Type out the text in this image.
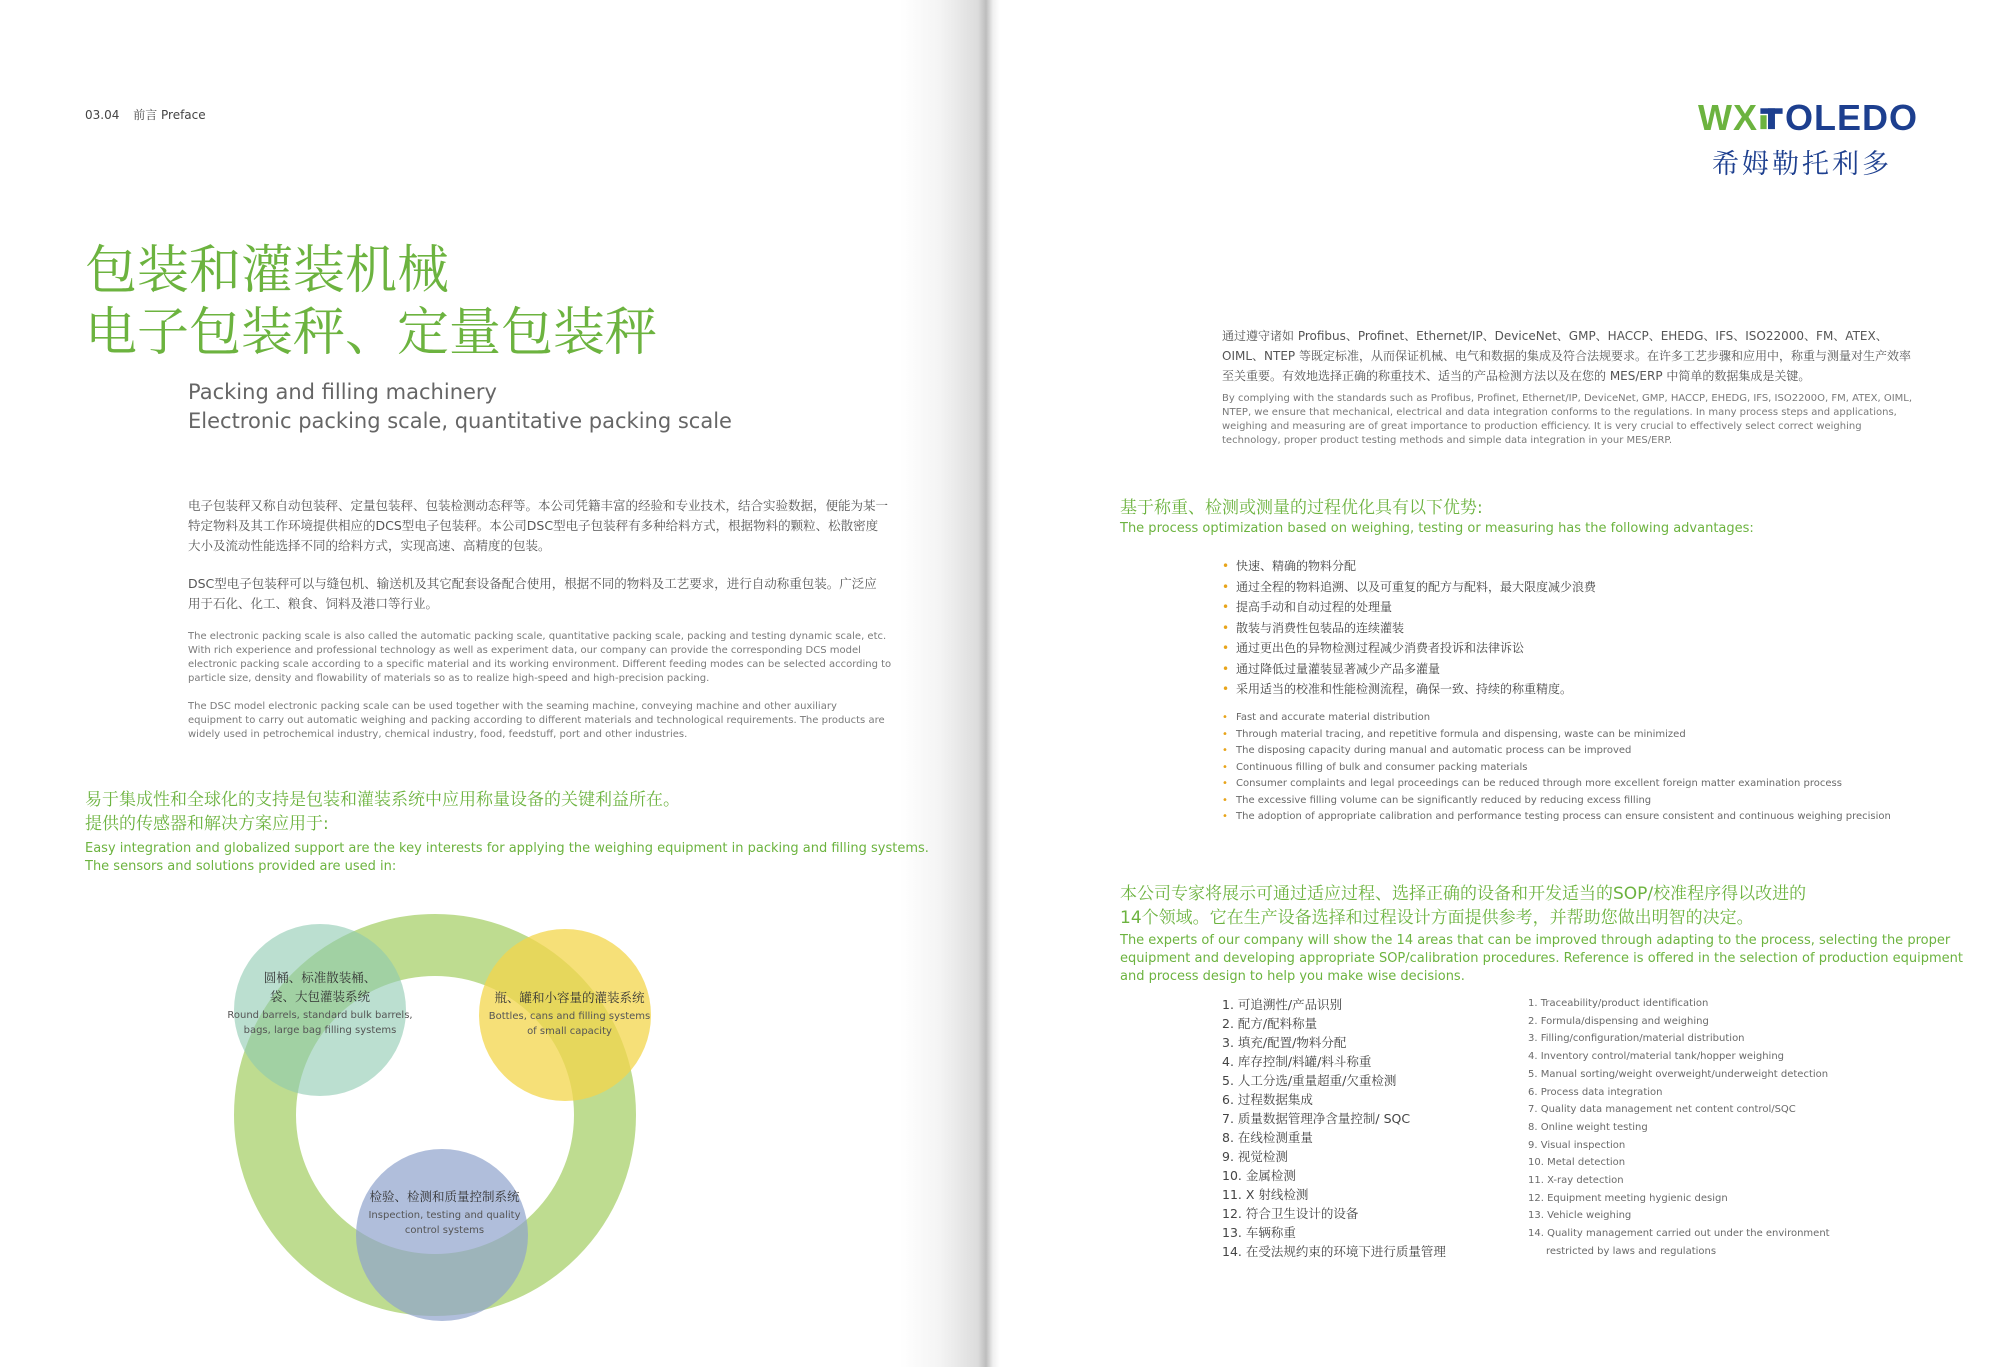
03.04 前言 Preface
包装和灌装机械
电子包装秤、定量包装秤
Packing and filling machinery
Electronic packing scale, quantitative packing scale
电子包装秤又称自动包装秤、定量包装秤、包装检测动态秤等。本公司凭籍丰富的经验和专业技术，结合实验数据，便能为某一特定物料及其工作环境提供相应的DCS型电子包装秤。本公司DSC型电子包装秤有多种给料方式，根据物料的颗粒、松散密度大小及流动性能选择不同的给料方式，实现高速、高精度的包装。
DSC型电子包装秤可以与缝包机、输送机及其它配套设备配合使用，根据不同的物料及工艺要求，进行自动称重包装。广泛应用于石化、化工、粮食、饲料及港口等行业。
The electronic packing scale is also called the automatic packing scale, quantitative packing scale, packing and testing dynamic scale, etc. With rich experience and professional technology as well as experiment data, our company can provide the corresponding DCS model electronic packing scale according to a specific material and its working environment. Different feeding modes can be selected according to particle size, density and flowability of materials so as to realize high-speed and high-precision packing.
The DSC model electronic packing scale can be used together with the seaming machine, conveying machine and other auxiliary equipment to carry out automatic weighing and packing according to different materials and technological requirements. The products are widely used in petrochemical industry, chemical industry, food, feedstuff, port and other industries.
易于集成性和全球化的支持是包装和灌装系统中应用称量设备的关键利益所在。
提供的传感器和解决方案应用于:
Easy integration and globalized support are the key interests for applying the weighing equipment in packing and filling systems.
The sensors and solutions provided are used in:
圆桶、标准散装桶、
袋、大包灌装系统
Round barrels, standard bulk barrels,
bags, large bag filling systems
瓶、罐和小容量的灌装系统
Bottles, cans and filling systems
of small capacity
检验、检测和质量控制系统
Inspection, testing and quality
control systems
WX OLEDO
希姆勒托利多
通过遵守诸如 Profibus、Profinet、Ethernet/IP、DeviceNet、GMP、HACCP、EHEDG、IFS、ISO22000、FM、ATEX、OIML、NTEP 等既定标准，从而保证机械、电气和数据的集成及符合法规要求。在许多工艺步骤和应用中，称重与测量对生产效率至关重要。有效地选择正确的称重技术、适当的产品检测方法以及在您的 MES/ERP 中简单的数据集成是关键。
By complying with the standards such as Profibus, Profinet, Ethernet/IP, DeviceNet, GMP, HACCP, EHEDG, IFS, ISO2200O, FM, ATEX, OIML, NTEP, we ensure that mechanical, electrical and data integration conforms to the regulations. In many process steps and applications, weighing and measuring are of great importance to production efficiency. It is very crucial to effectively select correct weighing technology, proper product testing methods and simple data integration in your MES/ERP.
基于称重、检测或测量的过程优化具有以下优势:
The process optimization based on weighing, testing or measuring has the following advantages:
• 快速、精确的物料分配
• 通过全程的物料追溯、以及可重复的配方与配料，最大限度减少浪费
• 提高手动和自动过程的处理量
• 散装与消费性包装品的连续灌装
• 通过更出色的异物检测过程减少消费者投诉和法律诉讼
• 通过降低过量灌装显著减少产品多灌量
• 采用适当的校准和性能检测流程，确保一致、持续的称重精度。
• Fast and accurate material distribution
• Through material tracing, and repetitive formula and dispensing, waste can be minimized
• The disposing capacity during manual and automatic process can be improved
• Continuous filling of bulk and consumer packing materials
• Consumer complaints and legal proceedings can be reduced through more excellent foreign matter examination process
• The excessive filling volume can be significantly reduced by reducing excess filling
• The adoption of appropriate calibration and performance testing process can ensure consistent and continuous weighing precision
本公司专家将展示可通过适应过程、选择正确的设备和开发适当的SOP/校准程序得以改进的
14个领域。它在生产设备选择和过程设计方面提供参考，并帮助您做出明智的决定。
The experts of our company will show the 14 areas that can be improved through adapting to the process, selecting the proper
equipment and developing appropriate SOP/calibration procedures. Reference is offered in the selection of production equipment
and process design to help you make wise decisions.
1. 可追溯性/产品识别
2. 配方/配料称量
3. 填充/配置/物料分配
4. 库存控制/料罐/料斗称重
5. 人工分选/重量超重/欠重检测
6. 过程数据集成
7. 质量数据管理净含量控制/ SQC
8. 在线检测重量
9. 视觉检测
10. 金属检测
11. X 射线检测
12. 符合卫生设计的设备
13. 车辆称重
14. 在受法规约束的环境下进行质量管理
1. Traceability/product identification
2. Formula/dispensing and weighing
3. Filling/configuration/material distribution
4. Inventory control/material tank/hopper weighing
5. Manual sorting/weight overweight/underweight detection
6. Process data integration
7. Quality data management net content control/SQC
8. Online weight testing
9. Visual inspection
10. Metal detection
11. X-ray detection
12. Equipment meeting hygienic design
13. Vehicle weighing
14. Quality management carried out under the environment
restricted by laws and regulations
